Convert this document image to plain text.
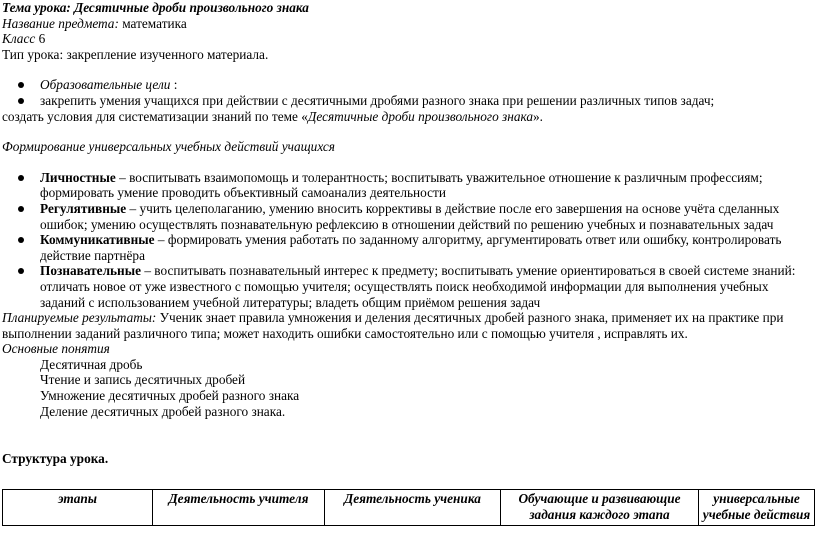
Тема урока: Десятичные дроби произвольного знака
Название предмета: математика
Класс 6
Тип урока: закрепление изученного материала.
Образовательные цели :
закрепить умения учащихся при действии с десятичными дробями разного знака при решении различных типов задач;
создать условия для систематизации знаний по теме «Десятичные дроби произвольного знака».
Формирование универсальных учебных действий учащихся
Личностные – воспитывать взаимопомощь и толерантность; воспитывать уважительное отношение к различным профессиям; формировать умение проводить объективный самоанализ деятельности
Регулятивные – учить целеполаганию, умению вносить коррективы в действие после его завершения на основе учёта сделанных ошибок; умению осуществлять познавательную рефлексию в отношении действий по решению учебных и познавательных задач
Коммуникативные – формировать умения работать по заданному алгоритму, аргументировать ответ или ошибку, контролировать действие партнёра
Познавательные – воспитывать познавательный интерес к предмету; воспитывать умение ориентироваться в своей системе знаний: отличать новое от уже известного с помощью учителя; осуществлять поиск необходимой информации для выполнения учебных заданий с использованием учебной литературы; владеть общим приёмом решения задач
Планируемые результаты: Ученик знает правила умножения и деления десятичных дробей разного знака, применяет их на практике при выполнении заданий различного типа; может находить ошибки самостоятельно или с помощью учителя , исправлять их.
Основные понятия
Десятичная дробь
Чтение и запись десятичных дробей
Умножение десятичных дробей разного знака
Деление десятичных дробей разного знака.
Структура урока.
этапы	Деятельность учителя	Деятельность ученика	Обучающие и развивающие задания каждого этапа	универсальные учебные действия
